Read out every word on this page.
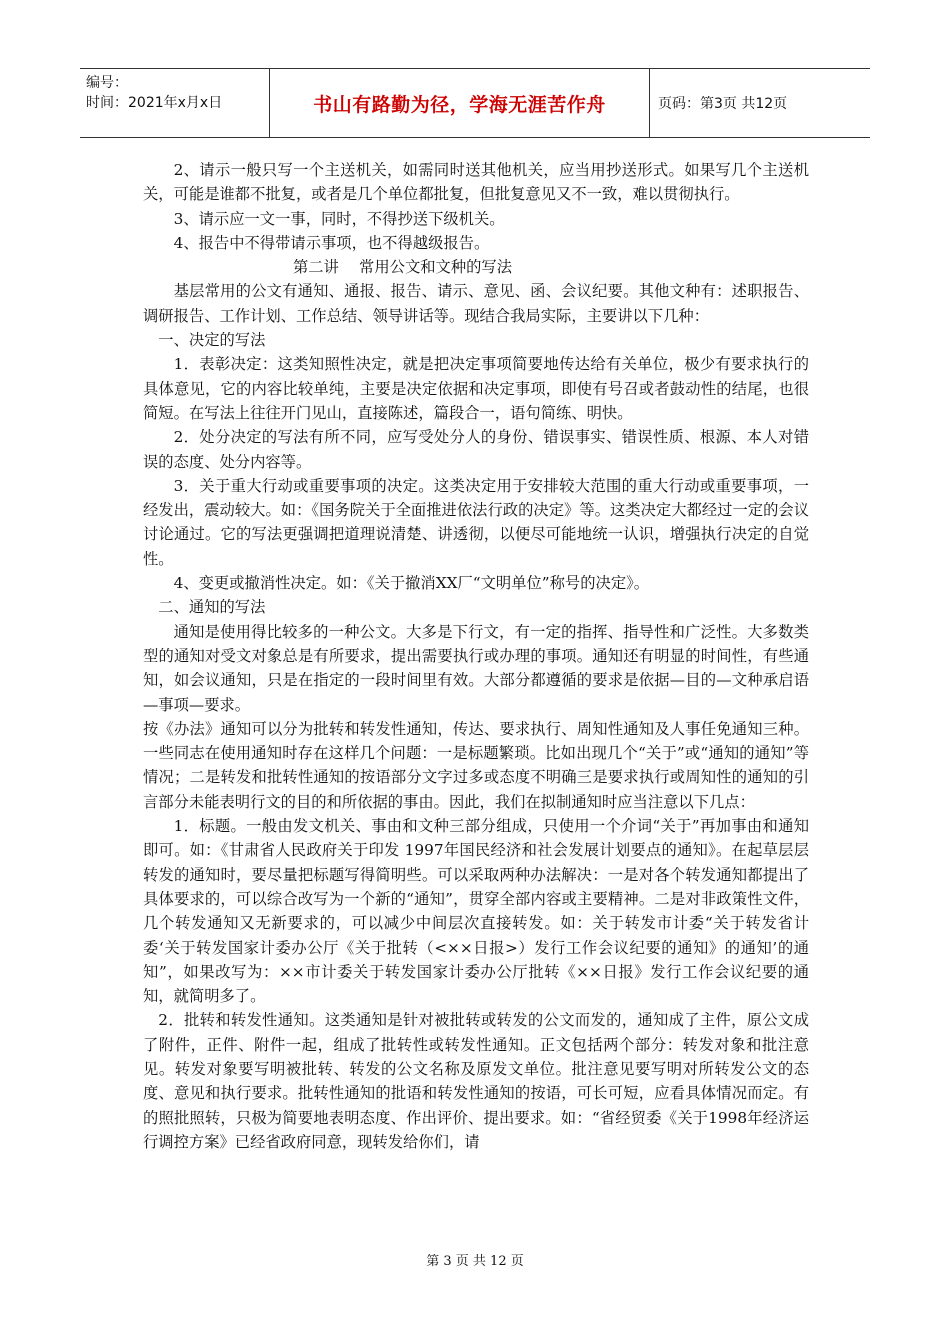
编号：
时间：2021年x月x日	书山有路勤为径，学海无涯苦作舟	页码：第3页 共12页

2、请示一般只写一个主送机关，如需同时送其他机关，应当用抄送形式。如果写几个主送机关，可能是谁都不批复，或者是几个单位都批复，但批复意见又不一致，难以贯彻执行。

3、请示应一文一事，同时，不得抄送下级机关。

4、报告中不得带请示事项，也不得越级报告。

第二讲　 常用公文和文种的写法

基层常用的公文有通知、通报、报告、请示、意见、函、会议纪要。其他文种有：述职报告、调研报告、工作计划、工作总结、领导讲话等。现结合我局实际，主要讲以下几种：

一、决定的写法

1．表彰决定：这类知照性决定，就是把决定事项简要地传达给有关单位，极少有要求执行的具体意见，它的内容比较单纯，主要是决定依据和决定事项，即使有号召或者鼓动性的结尾，也很简短。在写法上往往开门见山，直接陈述，篇段合一，语句简练、明快。

2．处分决定的写法有所不同，应写受处分人的身份、错误事实、错误性质、根源、本人对错误的态度、处分内容等。

3．关于重大行动或重要事项的决定。这类决定用于安排较大范围的重大行动或重要事项，一经发出，震动较大。如：《国务院关于全面推进依法行政的决定》等。这类决定大都经过一定的会议讨论通过。它的写法更强调把道理说清楚、讲透彻，以便尽可能地统一认识，增强执行决定的自觉性。

4、变更或撤消性决定。如：《关于撤消XX厂“文明单位”称号的决定》。

二、通知的写法

通知是使用得比较多的一种公文。大多是下行文，有一定的指挥、指导性和广泛性。大多数类型的通知对受文对象总是有所要求，提出需要执行或办理的事项。通知还有明显的时间性，有些通知，如会议通知，只是在指定的一段时间里有效。大部分都遵循的要求是依据—目的—文种承启语—事项—要求。

按《办法》通知可以分为批转和转发性通知，传达、要求执行、周知性通知及人事任免通知三种。一些同志在使用通知时存在这样几个问题：一是标题繁琐。比如出现几个“关于”或“通知的通知”等情况；二是转发和批转性通知的按语部分文字过多或态度不明确三是要求执行或周知性的通知的引言部分未能表明行文的目的和所依据的事由。因此，我们在拟制通知时应当注意以下几点：

1．标题。一般由发文机关、事由和文种三部分组成，只使用一个介词“关于”再加事由和通知即可。如：《甘肃省人民政府关于印发 1997年国民经济和社会发展计划要点的通知》。在起草层层转发的通知时，要尽量把标题写得简明些。可以采取两种办法解决：一是对各个转发通知都提出了具体要求的，可以综合改写为一个新的“通知”，贯穿全部内容或主要精神。二是对非政策性文件，几个转发通知又无新要求的，可以减少中间层次直接转发。如：关于转发市计委“关于转发省计委‘关于转发国家计委办公厅《关于批转（<××日报>）发行工作会议纪要的通知》的通知’的通知”，如果改写为：××市计委关于转发国家计委办公厅批转《××日报》发行工作会议纪要的通知，就简明多了。

2．批转和转发性通知。这类通知是针对被批转或转发的公文而发的，通知成了主件，原公文成了附件，正件、附件一起，组成了批转性或转发性通知。正文包括两个部分：转发对象和批注意见。转发对象要写明被批转、转发的公文名称及原发文单位。批注意见要写明对所转发公文的态度、意见和执行要求。批转性通知的批语和转发性通知的按语，可长可短，应看具体情况而定。有的照批照转，只极为简要地表明态度、作出评价、提出要求。如：“省经贸委《关于1998年经济运行调控方案》已经省政府同意，现转发给你们，请

第 3 页 共 12 页
